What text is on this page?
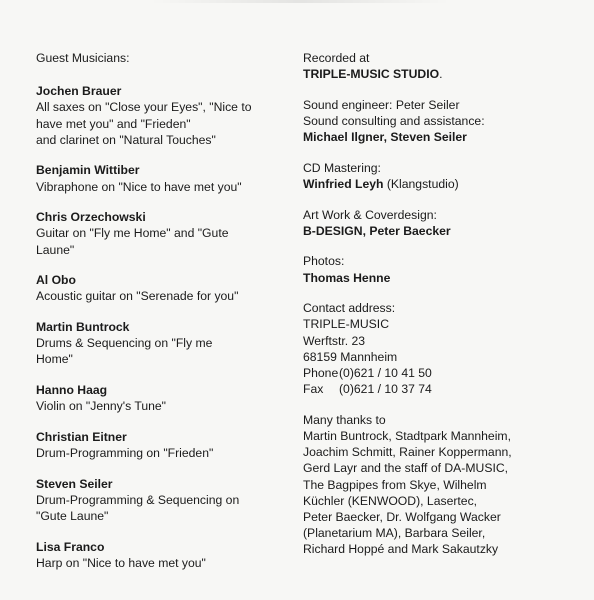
Guest Musicians:
Jochen Brauer
All saxes on "Close your Eyes", "Nice to
have met you" and "Frieden"
and clarinet on "Natural Touches"
Benjamin Wittiber
Vibraphone on "Nice to have met you"
Chris Orzechowski
Guitar on "Fly me Home" and "Gute
Laune"
Al Obo
Acoustic guitar on "Serenade for you"
Martin Buntrock
Drums & Sequencing on "Fly me
Home"
Hanno Haag
Violin on "Jenny's Tune"
Christian Eitner
Drum-Programming on "Frieden"
Steven Seiler
Drum-Programming & Sequencing on
"Gute Laune"
Lisa Franco
Harp on "Nice to have met you"
Recorded at
TRIPLE-MUSIC STUDIO.
Sound engineer: Peter Seiler
Sound consulting and assistance:
Michael Ilgner, Steven Seiler
CD Mastering:
Winfried Leyh (Klangstudio)
Art Work & Coverdesign:
B-DESIGN, Peter Baecker
Photos:
Thomas Henne
Contact address:
TRIPLE-MUSIC
Werftstr. 23
68159 Mannheim
Phone(0)621 / 10 41 50
Fax (0)621 / 10 37 74
Many thanks to
Martin Buntrock, Stadtpark Mannheim,
Joachim Schmitt, Rainer Koppermann,
Gerd Layr and the staff of DA-MUSIC,
The Bagpipes from Skye, Wilhelm
Küchler (KENWOOD), Lasertec,
Peter Baecker, Dr. Wolfgang Wacker
(Planetarium MA), Barbara Seiler,
Richard Hoppé and Mark Sakautzky
